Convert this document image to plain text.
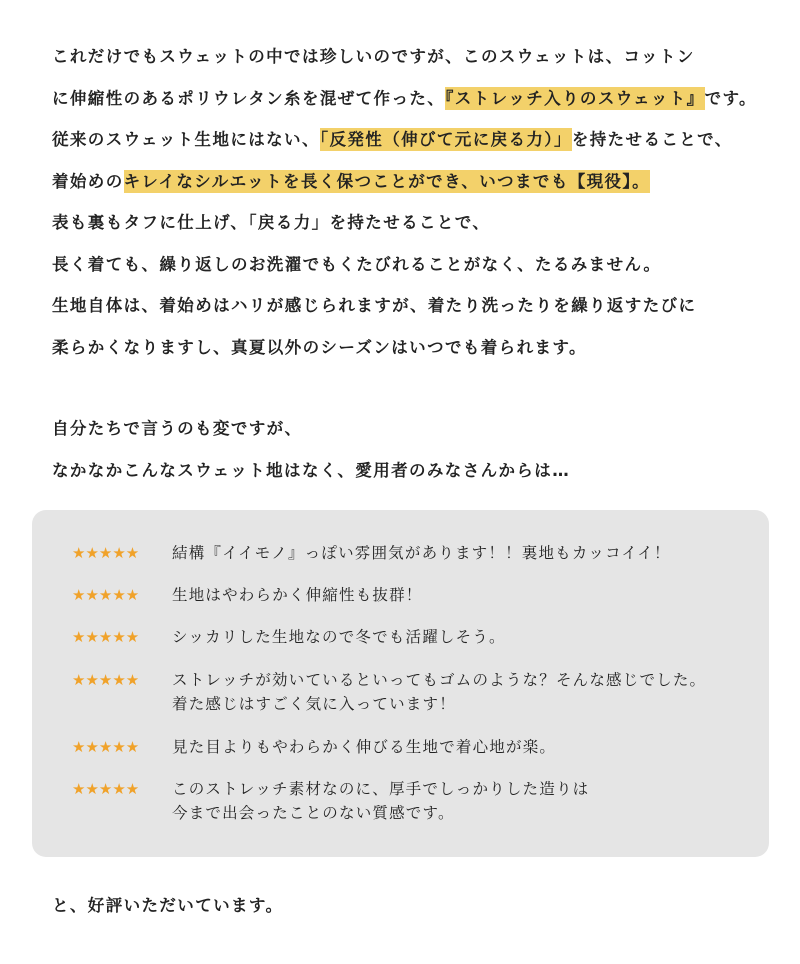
これだけでもスウェットの中では珍しいのですが、このスウェットは、コットン
に伸縮性のあるポリウレタン糸を混ぜて作った、『ストレッチ入りのスウェット』です。
従来のスウェット生地にはない、「反発性（伸びて元に戻る力）」を持たせることで、
着始めのキレイなシルエットを長く保つことができ、いつまでも【現役】。
表も裏もタフに仕上げ、「戻る力」を持たせることで、
長く着ても、繰り返しのお洗濯でもくたびれることがなく、たるみません。
生地自体は、着始めはハリが感じられますが、着たり洗ったりを繰り返すたびに
柔らかくなりますし、真夏以外のシーズンはいつでも着られます。
自分たちで言うのも変ですが、
なかなかこんなスウェット地はなく、愛用者のみなさんからは…
★★★★★	結構『イイモノ』っぽい雰囲気があります！！裏地もカッコイイ！
★★★★★	生地はやわらかく伸縮性も抜群！
★★★★★	シッカリした生地なので冬でも活躍しそう。
★★★★★	ストレッチが効いているといってもゴムのような？そんな感じでした。
着た感じはすごく気に入っています！
★★★★★	見た目よりもやわらかく伸びる生地で着心地が楽。
★★★★★	このストレッチ素材なのに、厚手でしっかりした造りは
今まで出会ったことのない質感です。
と、好評いただいています。
